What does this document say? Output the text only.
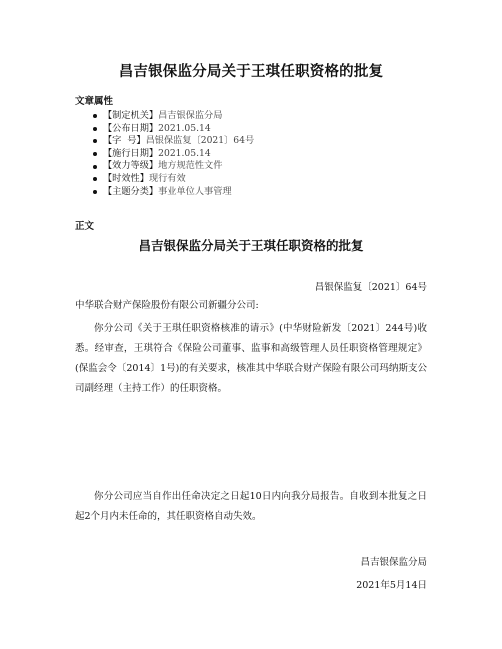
昌吉银保监分局关于王琪任职资格的批复
文章属性
【制定机关】昌吉银保监分局
【公布日期】2021.05.14
【字  号】昌银保监复〔2021〕64号
【施行日期】2021.05.14
【效力等级】地方规范性文件
【时效性】现行有效
【主题分类】事业单位人事管理
正文
昌吉银保监分局关于王琪任职资格的批复
昌银保监复〔2021〕64号
中华联合财产保险股份有限公司新疆分公司:
你分公司《关于王琪任职资格核准的请示》(中华财险新发〔2021〕244号)收悉。经审查，王琪符合《保险公司董事、监事和高级管理人员任职资格管理规定》(保监会令〔2014〕1号)的有关要求，核准其中华联合财产保险有限公司玛纳斯支公司副经理（主持工作）的任职资格。
你分公司应当自作出任命决定之日起10日内向我分局报告。自收到本批复之日起2个月内未任命的，其任职资格自动失效。
昌吉银保监分局
2021年5月14日
